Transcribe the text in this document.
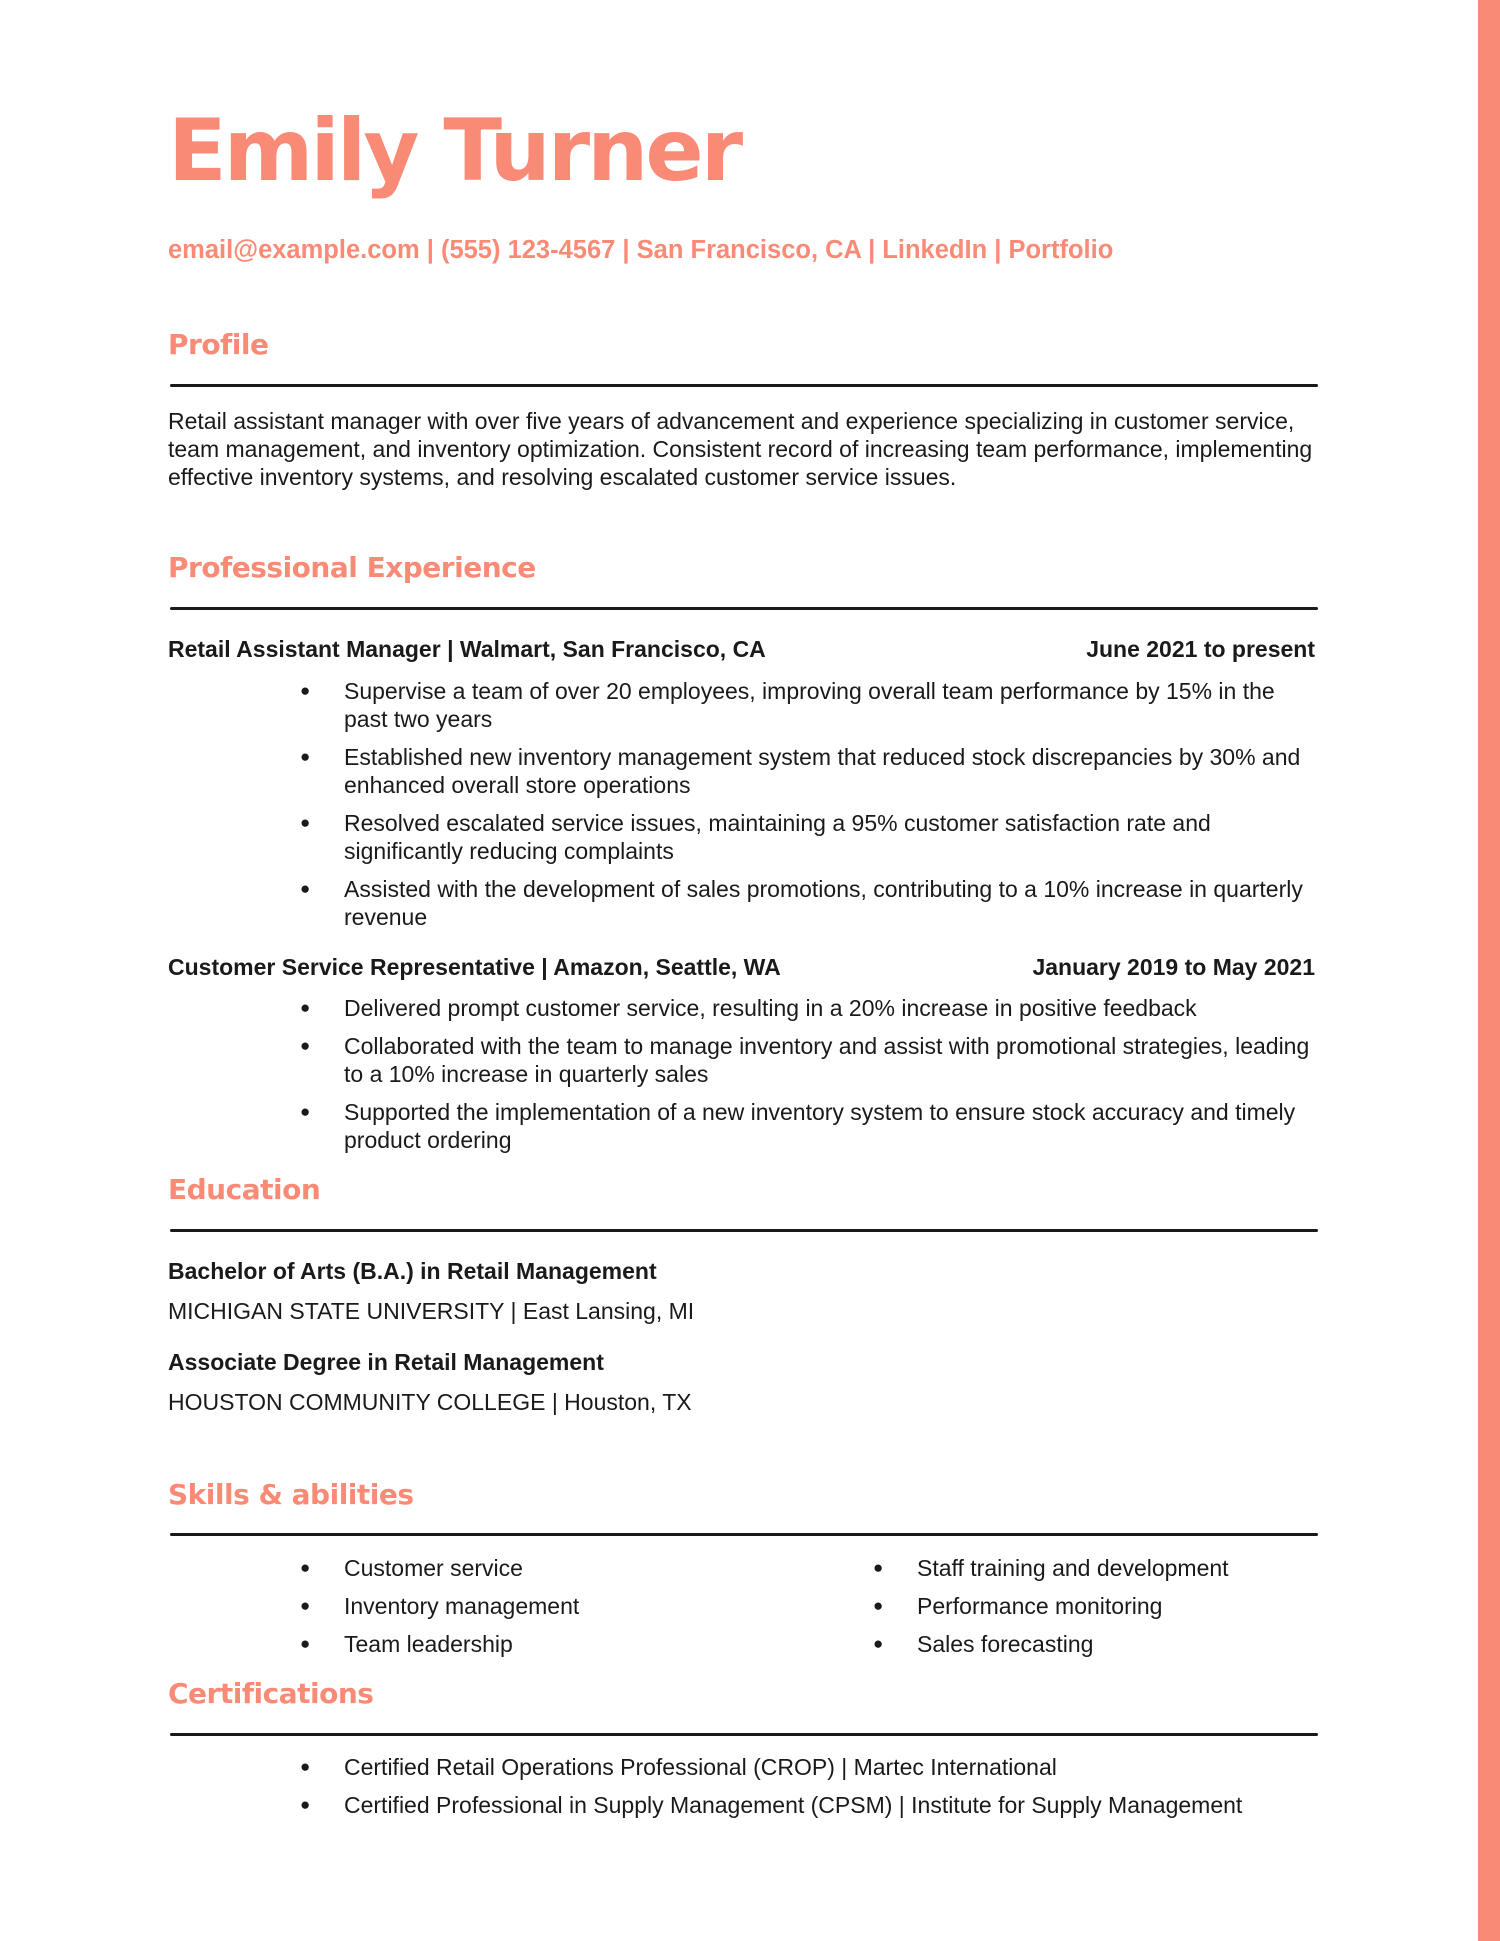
Emily Turner
email@example.com | (555) 123-4567 | San Francisco, CA | LinkedIn | Portfolio
Profile
Retail assistant manager with over five years of advancement and experience specializing in customer service, team management, and inventory optimization. Consistent record of increasing team performance, implementing effective inventory systems, and resolving escalated customer service issues.
Professional Experience
Retail Assistant Manager | Walmart, San Francisco, CA	June 2021 to present
● Supervise a team of over 20 employees, improving overall team performance by 15% in the past two years
● Established new inventory management system that reduced stock discrepancies by 30% and enhanced overall store operations
● Resolved escalated service issues, maintaining a 95% customer satisfaction rate and significantly reducing complaints
● Assisted with the development of sales promotions, contributing to a 10% increase in quarterly revenue
Customer Service Representative | Amazon, Seattle, WA	January 2019 to May 2021
● Delivered prompt customer service, resulting in a 20% increase in positive feedback
● Collaborated with the team to manage inventory and assist with promotional strategies, leading to a 10% increase in quarterly sales
● Supported the implementation of a new inventory system to ensure stock accuracy and timely product ordering
Education
Bachelor of Arts (B.A.) in Retail Management
MICHIGAN STATE UNIVERSITY | East Lansing, MI
Associate Degree in Retail Management
HOUSTON COMMUNITY COLLEGE | Houston, TX
Skills & abilities
● Customer service
● Inventory management
● Team leadership
● Staff training and development
● Performance monitoring
● Sales forecasting
Certifications
● Certified Retail Operations Professional (CROP) | Martec International
● Certified Professional in Supply Management (CPSM) | Institute for Supply Management
